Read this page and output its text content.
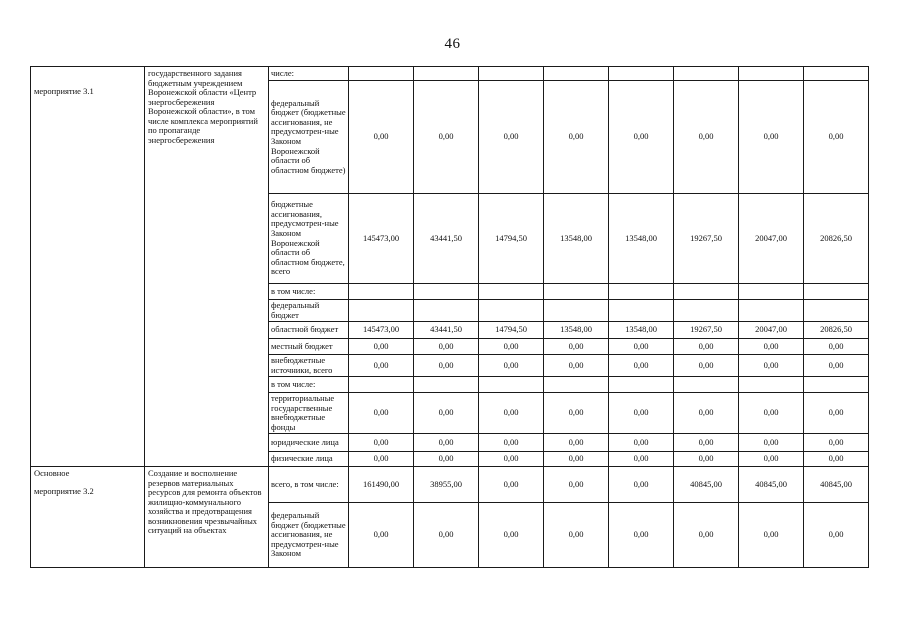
46
мероприятие 3.1	государственного задания бюджетным учреждением Воронежской области «Центр энергосбережения Воронежской области», в том числе комплекса мероприятий по пропаганде энергосбережения	числе:								
		федеральный бюджет (бюджетные ассигнования, не предусмотрен-ные Законом Воронежской области об областном бюджете)	0,00	0,00	0,00	0,00	0,00	0,00	0,00	0,00
		бюджетные ассигнования, предусмотрен-ные Законом Воронежской области об областном бюджете, всего	145473,00	43441,50	14794,50	13548,00	13548,00	19267,50	20047,00	20826,50
		в том числе:								
		федеральный бюджет								
		областной бюджет	145473,00	43441,50	14794,50	13548,00	13548,00	19267,50	20047,00	20826,50
		местный бюджет	0,00	0,00	0,00	0,00	0,00	0,00	0,00	0,00
		внебюджетные источники, всего	0,00	0,00	0,00	0,00	0,00	0,00	0,00	0,00
		в том числе:								
		территориальные государственные внебюджетные фонды	0,00	0,00	0,00	0,00	0,00	0,00	0,00	0,00
		юридические лица	0,00	0,00	0,00	0,00	0,00	0,00	0,00	0,00
		физические лица	0,00	0,00	0,00	0,00	0,00	0,00	0,00	0,00

Основное
мероприятие 3.2	Создание и восполнение резервов материальных ресурсов для ремонта объектов жилищно-коммунального хозяйства и предотвращения возникновения чрезвычайных ситуаций на объектах	всего, в том числе:	161490,00	38955,00	0,00	0,00	0,00	40845,00	40845,00	40845,00
		федеральный бюджет (бюджетные ассигнования, не предусмотрен-ные Законом	0,00	0,00	0,00	0,00	0,00	0,00	0,00	0,00
